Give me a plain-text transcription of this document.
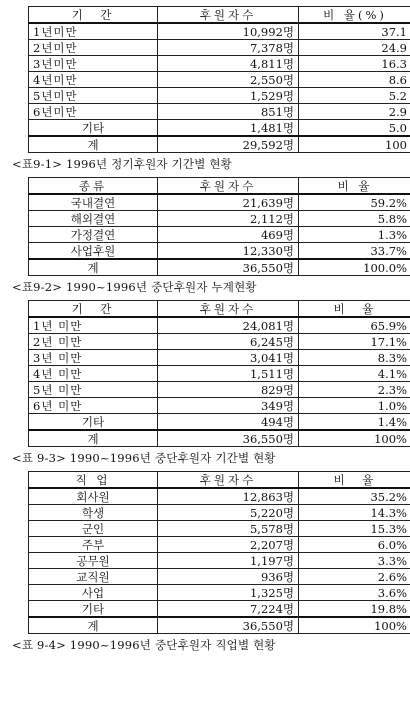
기　간	후원자수	비 율(%)
1년미만	10,992명	37.1
2년미만	7,378명	24.9
3년미만	4,811명	16.3
4년미만	2,550명	8.6
5년미만	1,529명	5.2
6년미만	851명	2.9
기타	1,481명	5.0
계	29,592명	100
<표9-1> 1996년 정기후원자 기간별 현황
종류	후원자수	비 율
국내결연	21,639명	59.2%
해외결연	2,112명	5.8%
가정결연	469명	1.3%
사업후원	12,330명	33.7%
계	36,550명	100.0%
<표9-2> 1990~1996년 중단후원자 누계현황
기　간	후원자수	비　율
1년 미만	24,081명	65.9%
2년 미만	6,245명	17.1%
3년 미만	3,041명	8.3%
4년 미만	1,511명	4.1%
5년 미만	829명	2.3%
6년 미만	349명	1.0%
기타	494명	1.4%
계	36,550명	100%
<표 9-3> 1990~1996년 중단후원자 기간별 현황
직 업	후원자수	비　율
회사원	12,863명	35.2%
학생	5,220명	14.3%
군인	5,578명	15.3%
주부	2,207명	6.0%
공무원	1,197명	3.3%
교직원	936명	2.6%
사업	1,325명	3.6%
기타	7,224명	19.8%
계	36,550명	100%
<표 9-4> 1990~1996년 중단후원자 직업별 현황
